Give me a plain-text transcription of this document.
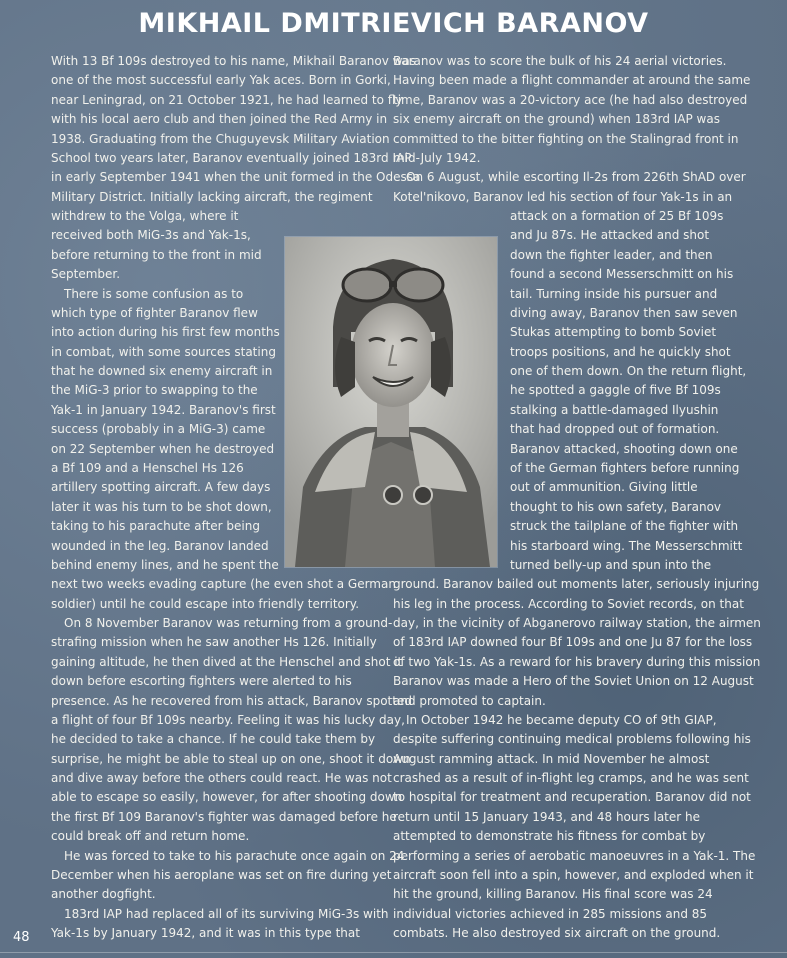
MIKHAIL DMITRIEVICH BARANOV

With 13 Bf 109s destroyed to his name, Mikhail Baranov was

one of the most successful early Yak aces. Born in Gorki,

near Leningrad, on 21 October 1921, he had learned to fly

with his local aero club and then joined the Red Army in

1938. Graduating from the Chuguyevsk Military Aviation

School two years later, Baranov eventually joined 183rd IAP

in early September 1941 when the unit formed in the Odessa

Military District. Initially lacking aircraft, the regiment

withdrew to the Volga, where it

received both MiG-3s and Yak-1s,

before returning to the front in mid

September.

There is some confusion as to

which type of fighter Baranov flew

into action during his first few months

in combat, with some sources stating

that he downed six enemy aircraft in

the MiG-3 prior to swapping to the

Yak-1 in January 1942. Baranov's first

success (probably in a MiG-3) came

on 22 September when he destroyed

a Bf 109 and a Henschel Hs 126

artillery spotting aircraft. A few days

later it was his turn to be shot down,

taking to his parachute after being

wounded in the leg. Baranov landed

behind enemy lines, and he spent the

next two weeks evading capture (he even shot a German

soldier) until he could escape into friendly territory.

On 8 November Baranov was returning from a ground-

strafing mission when he saw another Hs 126. Initially

gaining altitude, he then dived at the Henschel and shot it

down before escorting fighters were alerted to his

presence. As he recovered from his attack, Baranov spotted

a flight of four Bf 109s nearby. Feeling it was his lucky day,

he decided to take a chance. If he could take them by

surprise, he might be able to steal up on one, shoot it down

and dive away before the others could react. He was not

able to escape so easily, however, for after shooting down

the first Bf 109 Baranov's fighter was damaged before he

could break off and return home.

He was forced to take to his parachute once again on 24

December when his aeroplane was set on fire during yet

another dogfight.

183rd IAP had replaced all of its surviving MiG-3s with

Yak-1s by January 1942, and it was in this type that

Baranov was to score the bulk of his 24 aerial victories.

Having been made a flight commander at around the same

time, Baranov was a 20-victory ace (he had also destroyed

six enemy aircraft on the ground) when 183rd IAP was

committed to the bitter fighting on the Stalingrad front in

mid-July 1942.

On 6 August, while escorting Il-2s from 226th ShAD over

Kotel'nikovo, Baranov led his section of four Yak-1s in an

attack on a formation of 25 Bf 109s

and Ju 87s. He attacked and shot

down the fighter leader, and then

found a second Messerschmitt on his

tail. Turning inside his pursuer and

diving away, Baranov then saw seven

Stukas attempting to bomb Soviet

troops positions, and he quickly shot

one of them down. On the return flight,

he spotted a gaggle of five Bf 109s

stalking a battle-damaged Ilyushin

that had dropped out of formation.

Baranov attacked, shooting down one

of the German fighters before running

out of ammunition. Giving little

thought to his own safety, Baranov

struck the tailplane of the fighter with

his starboard wing. The Messerschmitt

turned belly-up and spun into the

ground. Baranov bailed out moments later, seriously injuring

his leg in the process. According to Soviet records, on that

day, in the vicinity of Abganerovo railway station, the airmen

of 183rd IAP downed four Bf 109s and one Ju 87 for the loss

of two Yak-1s. As a reward for his bravery during this mission

Baranov was made a Hero of the Soviet Union on 12 August

and promoted to captain.

In October 1942 he became deputy CO of 9th GIAP,

despite suffering continuing medical problems following his

August ramming attack. In mid November he almost

crashed as a result of in-flight leg cramps, and he was sent

to hospital for treatment and recuperation. Baranov did not

return until 15 January 1943, and 48 hours later he

attempted to demonstrate his fitness for combat by

performing a series of aerobatic manoeuvres in a Yak-1. The

aircraft soon fell into a spin, however, and exploded when it

hit the ground, killing Baranov. His final score was 24

individual victories achieved in 285 missions and 85

combats. He also destroyed six aircraft on the ground.

48
